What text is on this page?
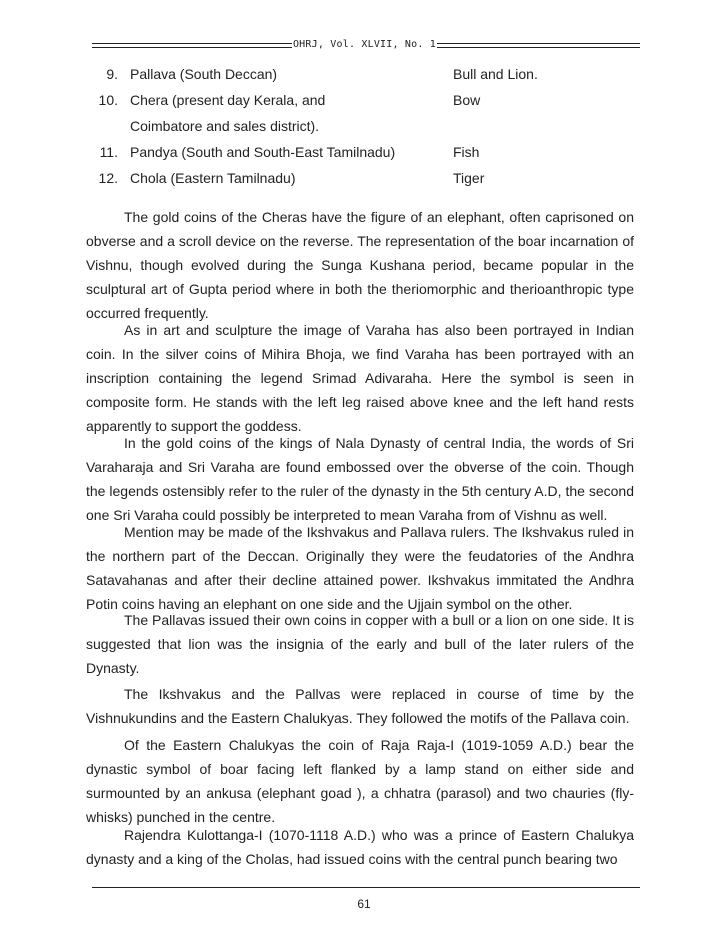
OHRJ, Vol. XLVII, No. 1
9. Pallava (South Deccan)	Bull and Lion.
10. Chera (present day Kerala, and	Bow
Coimbatore and sales district).
11. Pandya (South and South-East Tamilnadu)	Fish
12. Chola (Eastern Tamilnadu)	Tiger

The gold coins of the Cheras have the figure of an elephant, often caprisoned on obverse and a scroll device on the reverse. The representation of the boar incarnation of Vishnu, though evolved during the Sunga Kushana period, became popular in the sculptural art of Gupta period where in both the theriomorphic and therioanthropic type occurred frequently.

As in art and sculpture the image of Varaha has also been portrayed in Indian coin. In the silver coins of Mihira Bhoja, we find Varaha has been portrayed with an inscription containing the legend Srimad Adivaraha. Here the symbol is seen in composite form. He stands with the left leg raised above knee and the left hand rests apparently to support the goddess.

In the gold coins of the kings of Nala Dynasty of central India, the words of Sri Varaharaja and Sri Varaha are found embossed over the obverse of the coin. Though the legends ostensibly refer to the ruler of the dynasty in the 5th century A.D, the second one Sri Varaha could possibly be interpreted to mean Varaha from of Vishnu as well.

Mention may be made of the Ikshvakus and Pallava rulers. The Ikshvakus ruled in the northern part of the Deccan. Originally they were the feudatories of the Andhra Satavahanas and after their decline attained power. Ikshvakus immitated the Andhra Potin coins having an elephant on one side and the Ujjain symbol on the other.

The Pallavas issued their own coins in copper with a bull or a lion on one side. It is suggested that lion was the insignia of the early and bull of the later rulers of the Dynasty.

The Ikshvakus and the Pallvas were replaced in course of time by the Vishnukundins and the Eastern Chalukyas. They followed the motifs of the Pallava coin.

Of the Eastern Chalukyas the coin of Raja Raja-I (1019-1059 A.D.) bear the dynastic symbol of boar facing left flanked by a lamp stand on either side and surmounted by an ankusa (elephant goad ), a chhatra (parasol) and two chauries (fly-whisks) punched in the centre.

Rajendra Kulottanga-I (1070-1118 A.D.) who was a prince of Eastern Chalukya dynasty and a king of the Cholas, had issued coins with the central punch bearing two

61
